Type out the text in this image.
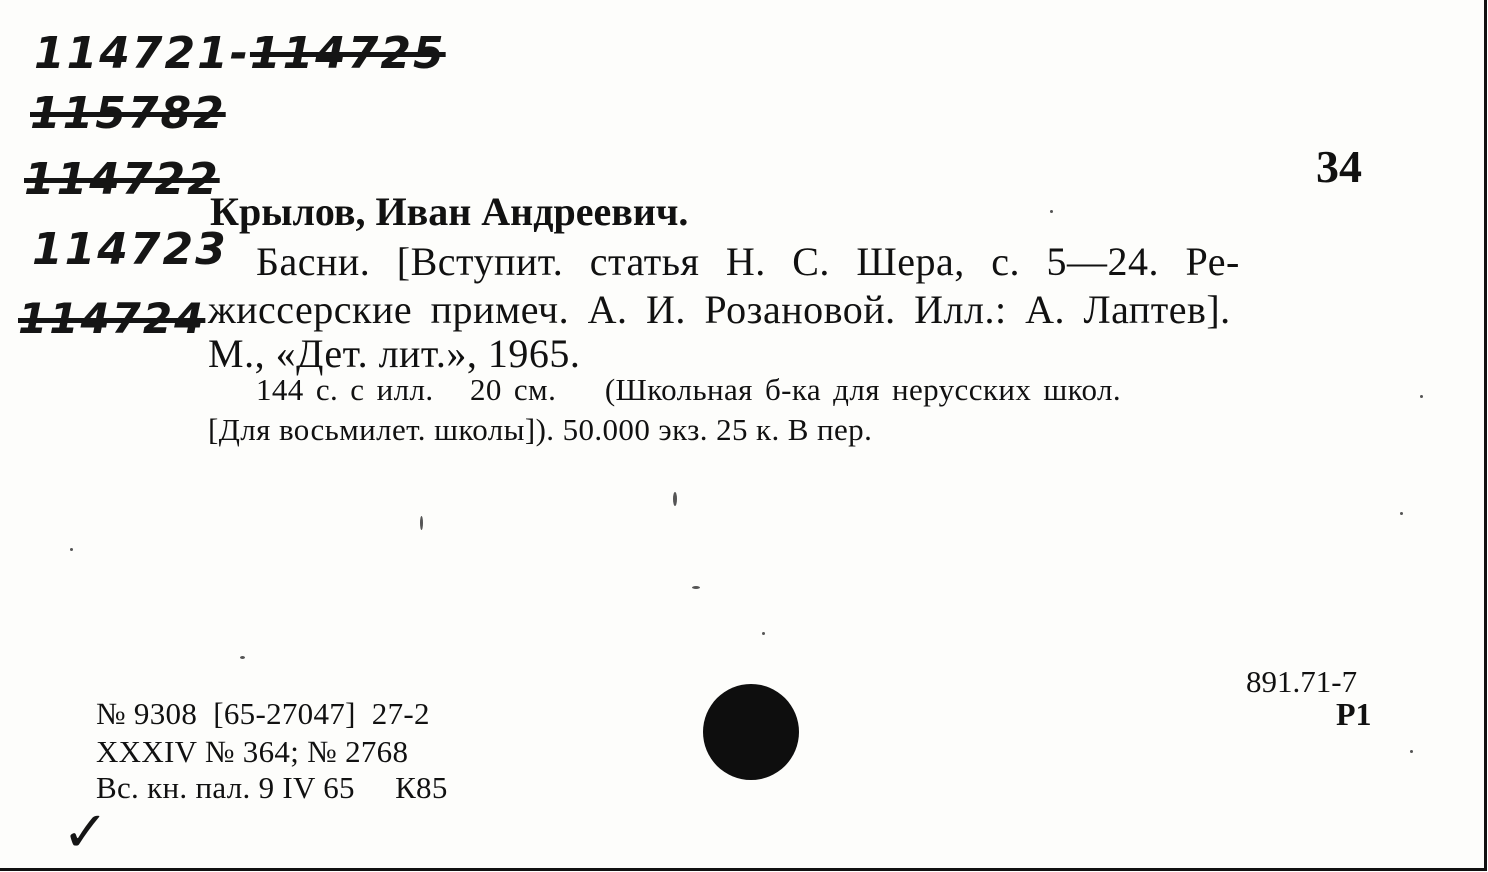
114721-114725
115782
114722
114723
114724
✓
34
Крылов, Иван Андреевич.
Басни. [Вступит. статья Н. С. Шера, с. 5—24. Ре-
жиссерские примеч. А. И. Розановой. Илл.: А. Лаптев].
М., «Дет. лит.», 1965.
144 с. с илл.   20 см.    (Школьная б-ка для нерусских школ.
[Для восьмилет. школы]). 50.000 экз. 25 к. В пер.
№ 9308  [65-27047]  27-2
XXXIV № 364; № 2768
Вс. кн. пал. 9 IV 65     К85
891.71-7
Р1
